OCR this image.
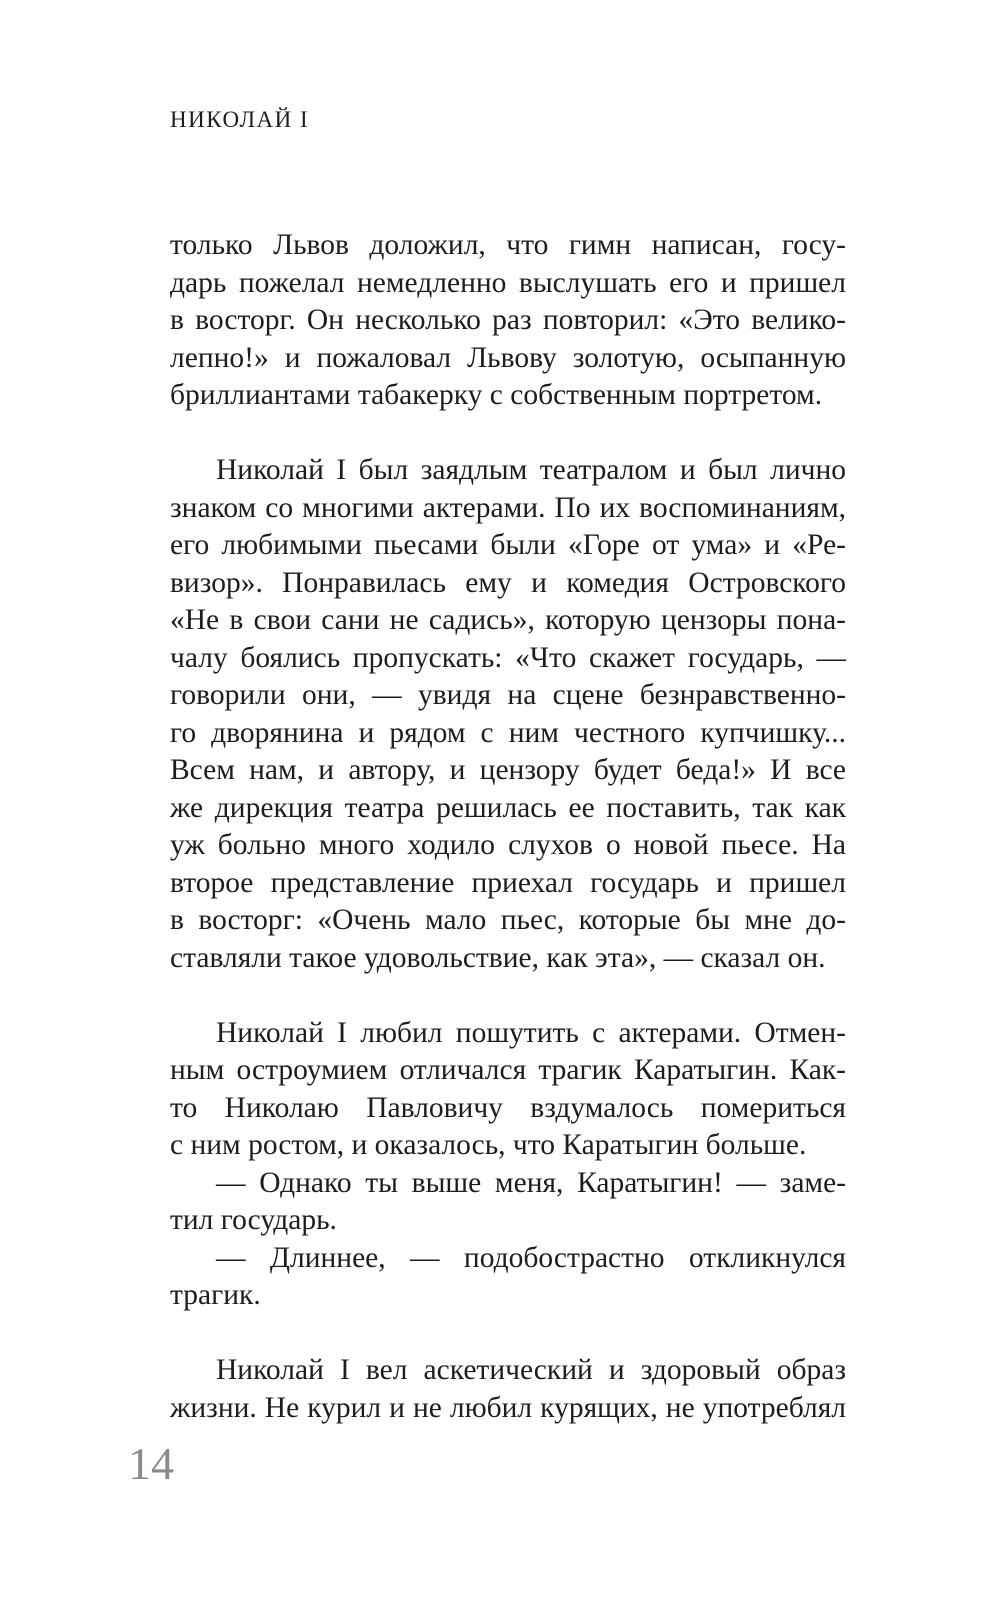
НИКОЛАЙ I
только Львов доложил, что гимн написан, госу-
дарь пожелал немедленно выслушать его и пришел
в восторг. Он несколько раз повторил: «Это велико-
лепно!» и пожаловал Львову золотую, осыпанную
бриллиантами табакерку с собственным портретом.
Николай I был заядлым театралом и был лично
знаком со многими актерами. По их воспоминаниям,
его любимыми пьесами были «Горе от ума» и «Ре-
визор». Понравилась ему и комедия Островского
«Не в свои сани не садись», которую цензоры пона-
чалу боялись пропускать: «Что скажет государь, —
говорили они, — увидя на сцене безнравственно-
го дворянина и рядом с ним честного купчишку...
Всем нам, и автору, и цензору будет беда!» И все
же дирекция театра решилась ее поставить, так как
уж больно много ходило слухов о новой пьесе. На
второе представление приехал государь и пришел
в восторг: «Очень мало пьес, которые бы мне до-
ставляли такое удовольствие, как эта», — сказал он.
Николай I любил пошутить с актерами. Отмен-
ным остроумием отличался трагик Каратыгин. Как-
то Николаю Павловичу вздумалось помериться
с ним ростом, и оказалось, что Каратыгин больше.
— Однако ты выше меня, Каратыгин! — заме-
тил государь.
— Длиннее, — подобострастно откликнулся
трагик.
Николай I вел аскетический и здоровый образ
жизни. Не курил и не любил курящих, не употреблял
14
